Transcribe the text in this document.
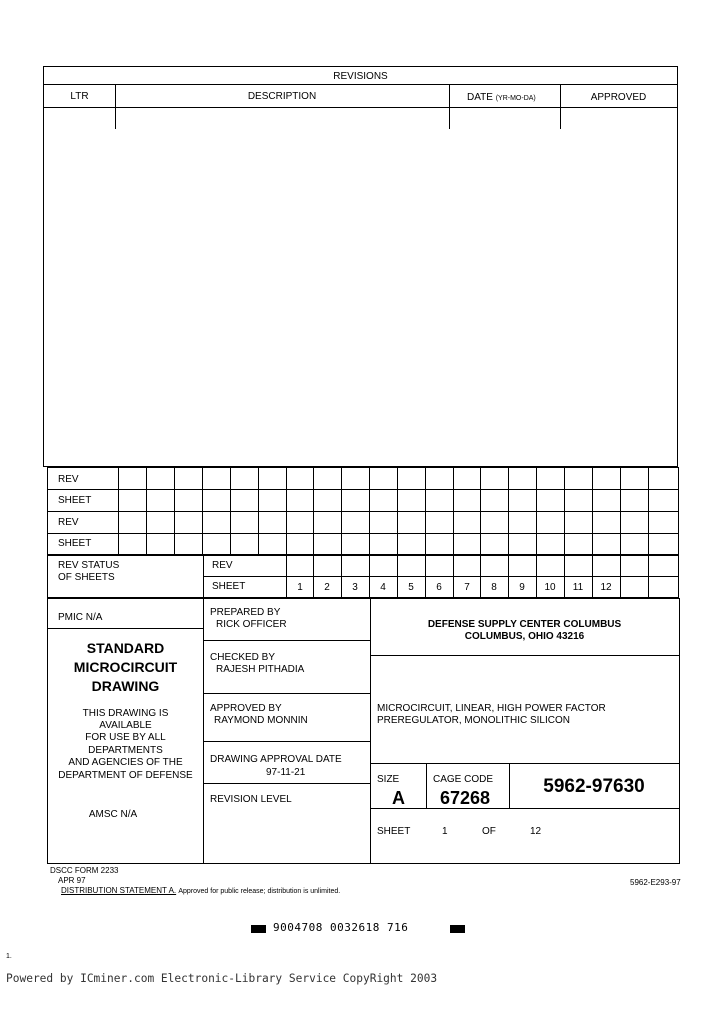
REVISIONS
LTR	DESCRIPTION	DATE (YR-MO-DA)	APPROVED
REV
SHEET
REV
SHEET
REV STATUS
OF SHEETS
REV
SHEET	1	2	3	4	5	6	7	8	9	10	11	12
PMIC N/A
STANDARD
MICROCIRCUIT
DRAWING
THIS DRAWING IS
AVAILABLE
FOR USE BY ALL
DEPARTMENTS
AND AGENCIES OF THE
DEPARTMENT OF DEFENSE
AMSC N/A
PREPARED BY
RICK OFFICER
CHECKED BY
RAJESH PITHADIA
APPROVED BY
RAYMOND MONNIN
DRAWING APPROVAL DATE
97-11-21
REVISION LEVEL
DEFENSE SUPPLY CENTER COLUMBUS
COLUMBUS, OHIO 43216
MICROCIRCUIT, LINEAR, HIGH POWER FACTOR
PREREGULATOR, MONOLITHIC SILICON
SIZE
A
CAGE CODE
67268
5962-97630
SHEET	1	OF	12
DSCC FORM 2233
APR 97
DISTRIBUTION STATEMENT A. Approved for public release; distribution is unlimited.
5962-E293-97
9004708 0032618 716
1.
Powered by ICminer.com Electronic-Library Service CopyRight 2003
